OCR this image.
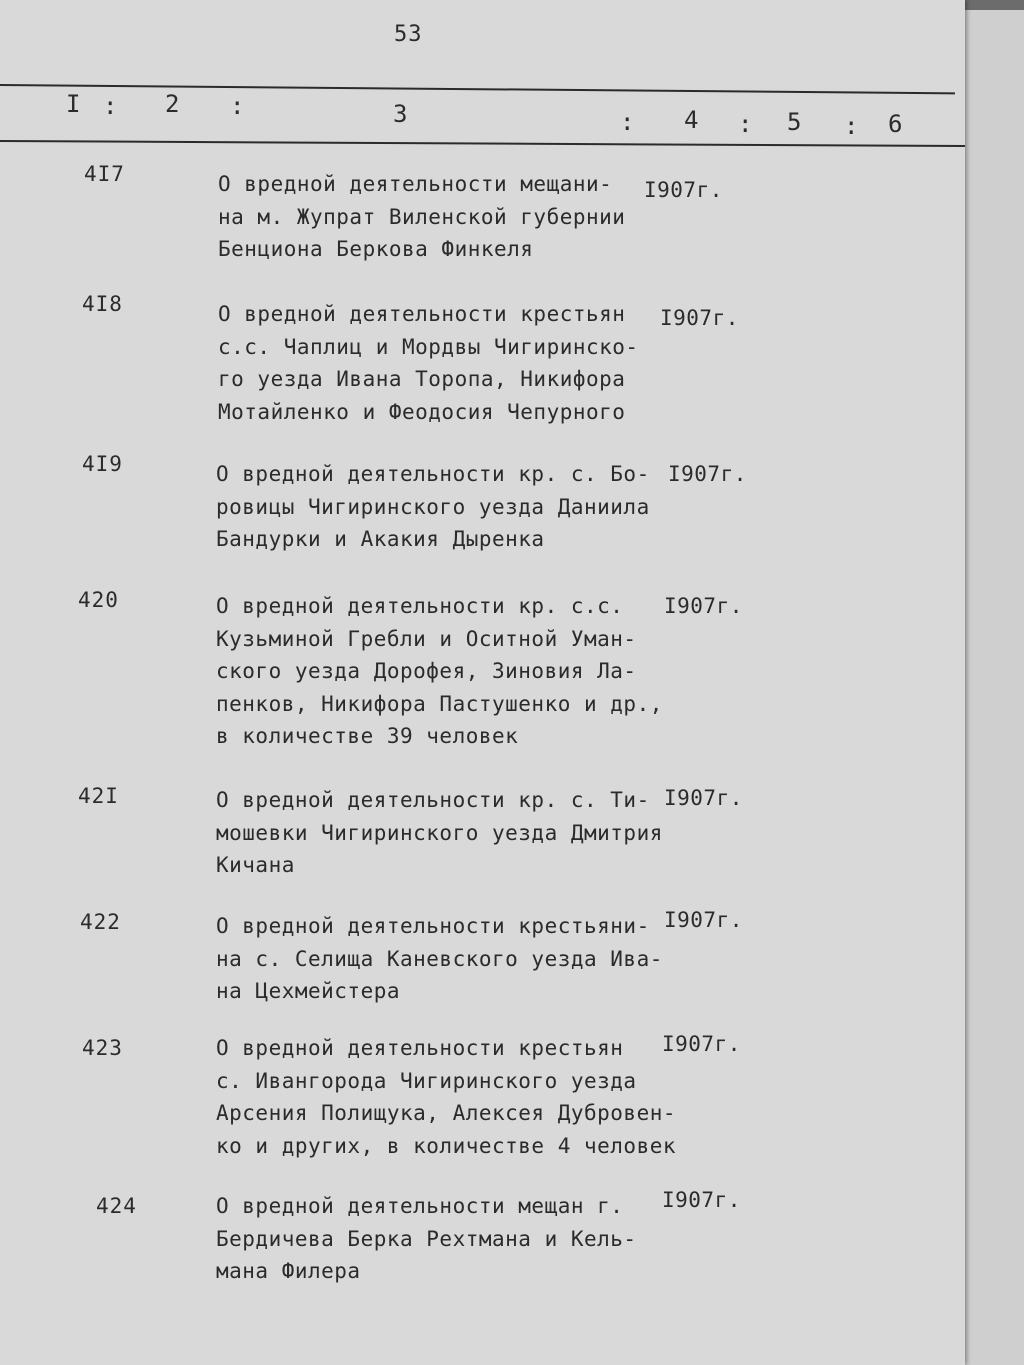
53
I : 2 :	3	: 4 : 5 : 6
4I7	О вредной деятельности мещани-
на м. Жупрат Виленской губернии
Бенциона Беркова Финкеля
I907г.
4I8	О вредной деятельности крестьян
с.с. Чаплиц и Мордвы Чигиринско-
го уезда Ивана Торопа, Никифора
Мотайленко и Феодосия Чепурного
I907г.
4I9	О вредной деятельности кр. с. Бо-
ровицы Чигиринского уезда Даниила
Бандурки и Акакия Дыренка
I907г.
420	О вредной деятельности кр. с.с.
Кузьминой Гребли и Оситной Уман-
ского уезда Дорофея, Зиновия Ла-
пенков, Никифора Пастушенко и др.,
в количестве 39 человек
I907г.
42I	О вредной деятельности кр. с. Ти-
мошевки Чигиринского уезда Дмитрия
Кичана
I907г.
422	О вредной деятельности крестьяни-
на с. Селища Каневского уезда Ива-
на Цехмейстера
I907г.
423	О вредной деятельности крестьян
с. Ивангорода Чигиринского уезда
Арсения Полищука, Алексея Дубровен-
ко и других, в количестве 4 человек
I907г.
424	О вредной деятельности мещан г.
Бердичева Берка Рехтмана и Кель-
мана Филера
I907г.
